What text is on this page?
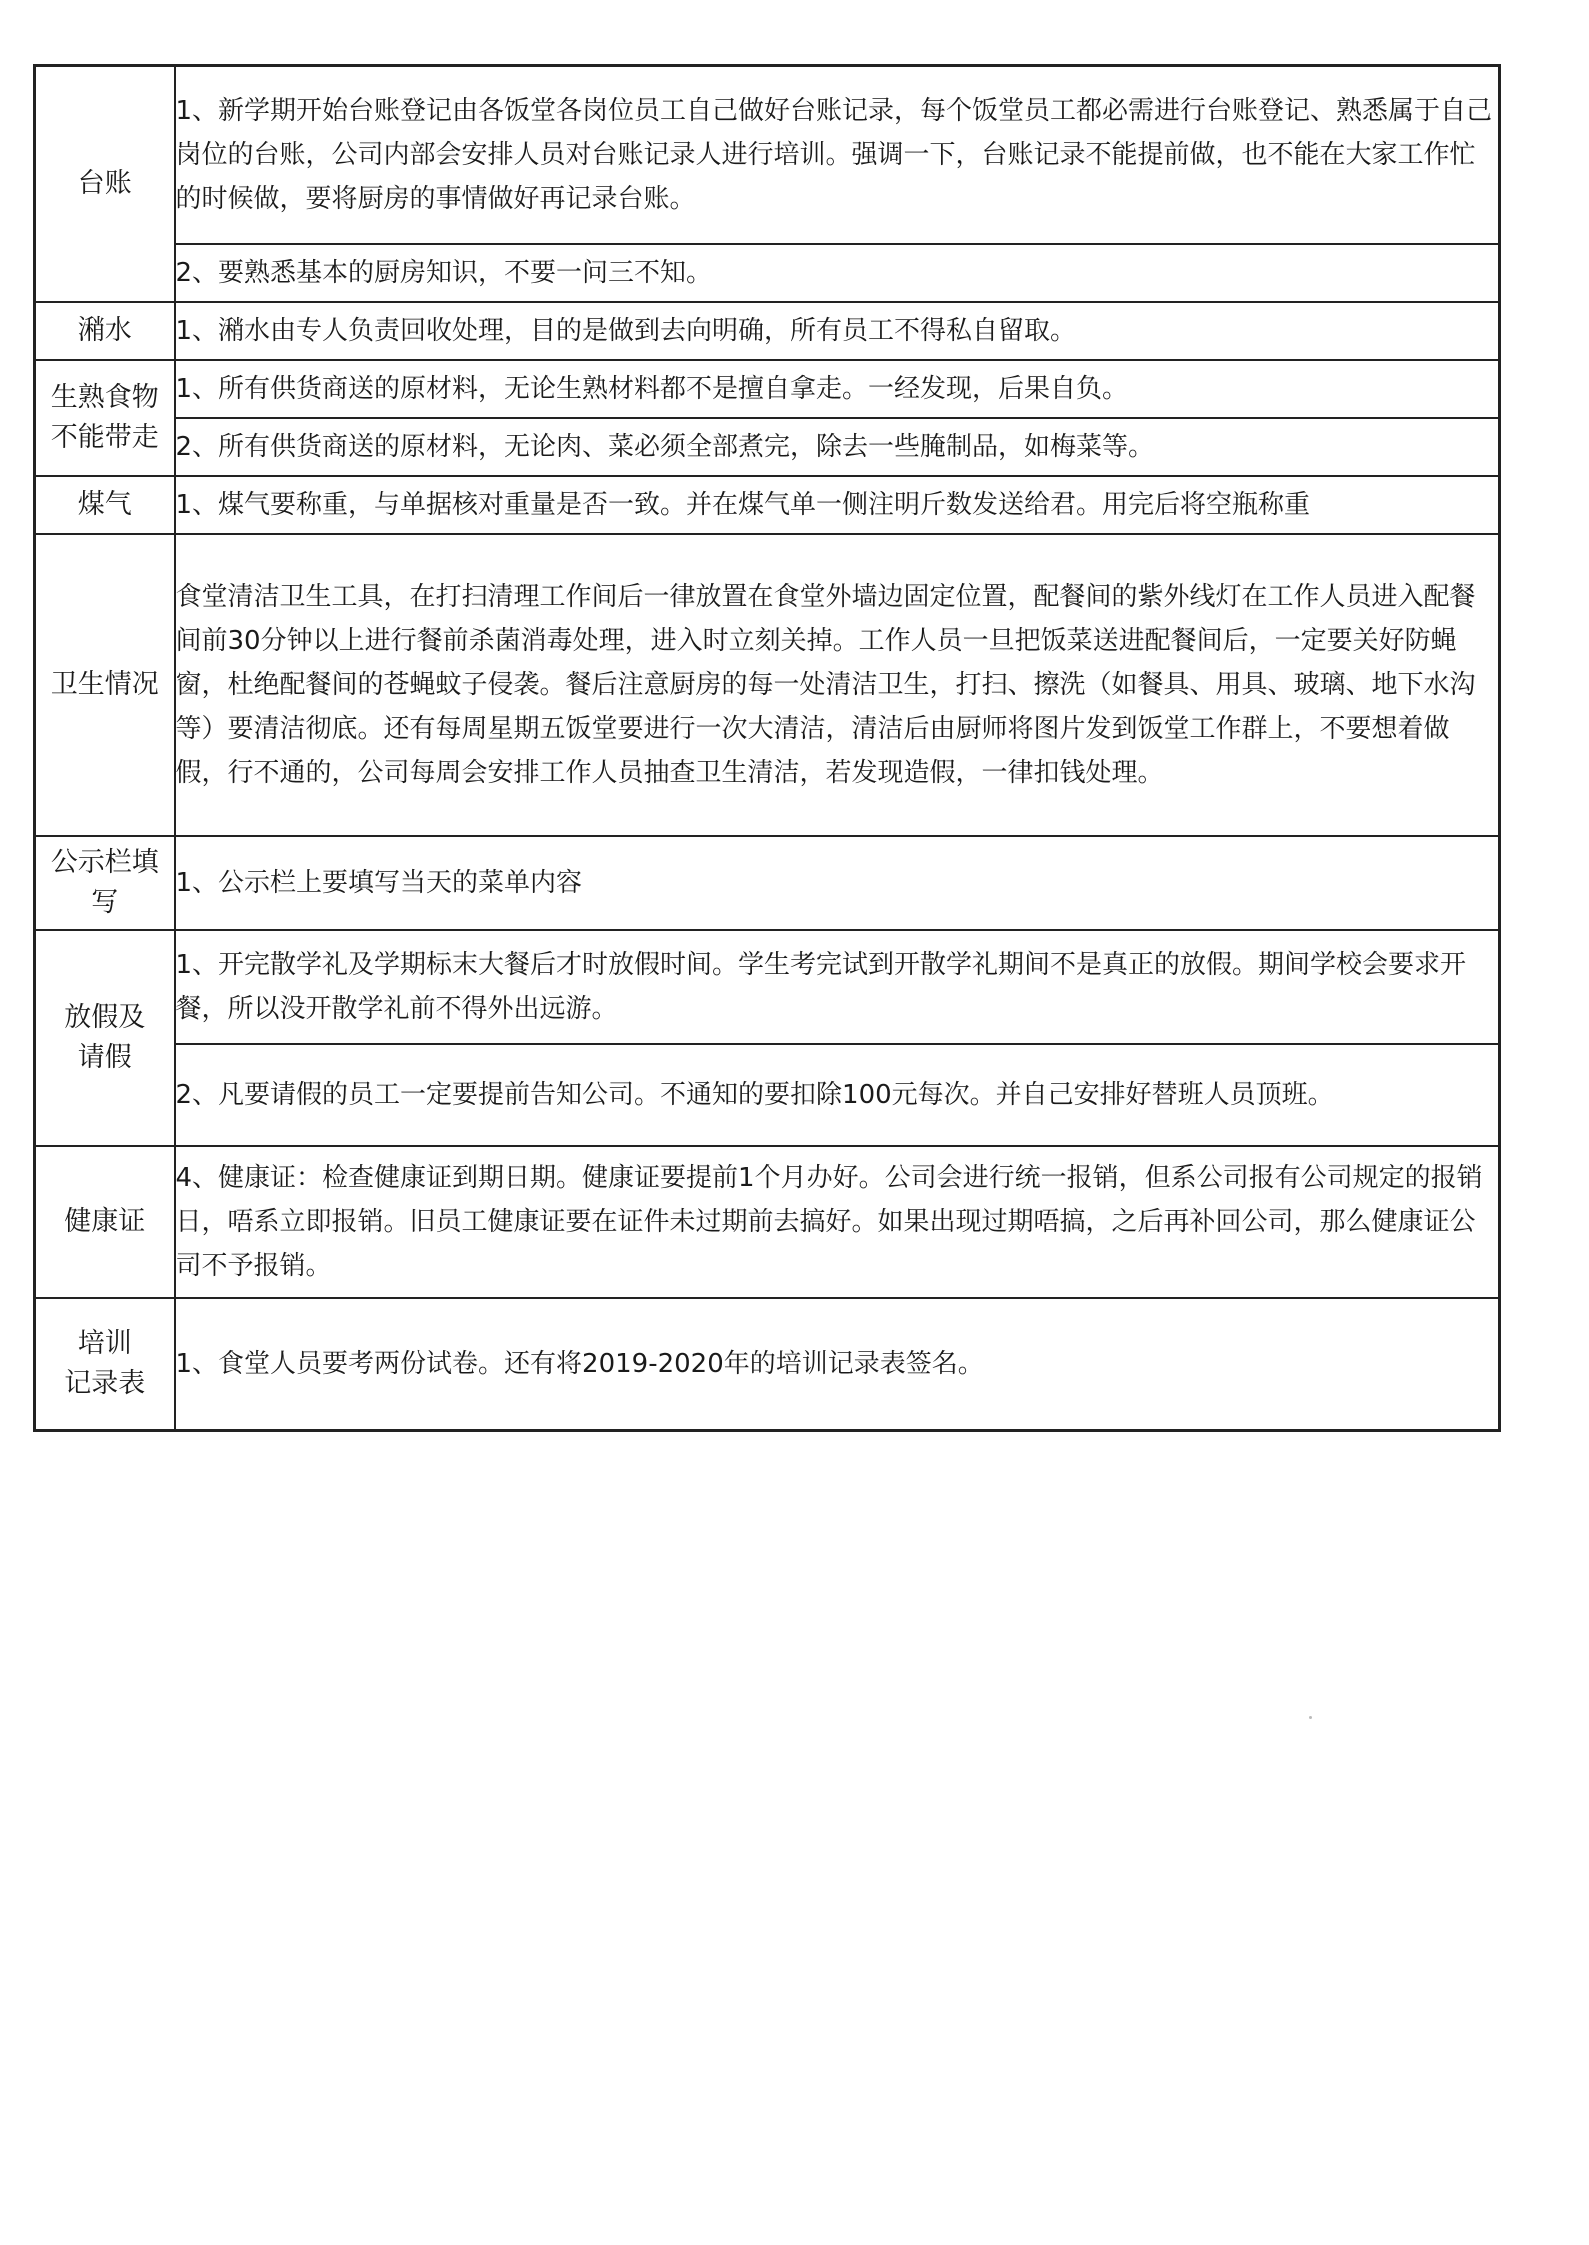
台账	1、新学期开始台账登记由各饭堂各岗位员工自己做好台账记录，每个饭堂员工都必需进行台账登记、熟悉属于自己岗位的台账，公司内部会安排人员对台账记录人进行培训。强调一下，台账记录不能提前做，也不能在大家工作忙的时候做，要将厨房的事情做好再记录台账。
	2、要熟悉基本的厨房知识，不要一问三不知。
潲水	1、潲水由专人负责回收处理，目的是做到去向明确，所有员工不得私自留取。

生熟食物
不能带走	1、所有供货商送的原材料，无论生熟材料都不是擅自拿走。一经发现，后果自负。
	2、所有供货商送的原材料，无论肉、菜必须全部煮完，除去一些腌制品，如梅菜等。
煤气	1、煤气要称重，与单据核对重量是否一致。并在煤气单一侧注明斤数发送给君。用完后将空瓶称重
卫生情况	食堂清洁卫生工具，在打扫清理工作间后一律放置在食堂外墙边固定位置，配餐间的紫外线灯在工作人员进入配餐间前30分钟以上进行餐前杀菌消毒处理，进入时立刻关掉。工作人员一旦把饭菜送进配餐间后，一定要关好防蝇窗，杜绝配餐间的苍蝇蚊子侵袭。餐后注意厨房的每一处清洁卫生，打扫、擦洗（如餐具、用具、玻璃、地下水沟等）要清洁彻底。还有每周星期五饭堂要进行一次大清洁，清洁后由厨师将图片发到饭堂工作群上，不要想着做假，行不通的，公司每周会安排工作人员抽查卫生清洁，若发现造假，一律扣钱处理。

公示栏填
写	1、公示栏上要填写当天的菜单内容

放假及
请假	1、开完散学礼及学期标末大餐后才时放假时间。学生考完试到开散学礼期间不是真正的放假。期间学校会要求开餐，所以没开散学礼前不得外出远游。
	2、凡要请假的员工一定要提前告知公司。不通知的要扣除100元每次。并自己安排好替班人员顶班。
健康证	4、健康证：检查健康证到期日期。健康证要提前1个月办好。公司会进行统一报销，但系公司报有公司规定的报销日，唔系立即报销。旧员工健康证要在证件未过期前去搞好。如果出现过期唔搞，之后再补回公司，那么健康证公司不予报销。

培训
记录表	1、食堂人员要考两份试卷。还有将2019-2020年的培训记录表签名。
